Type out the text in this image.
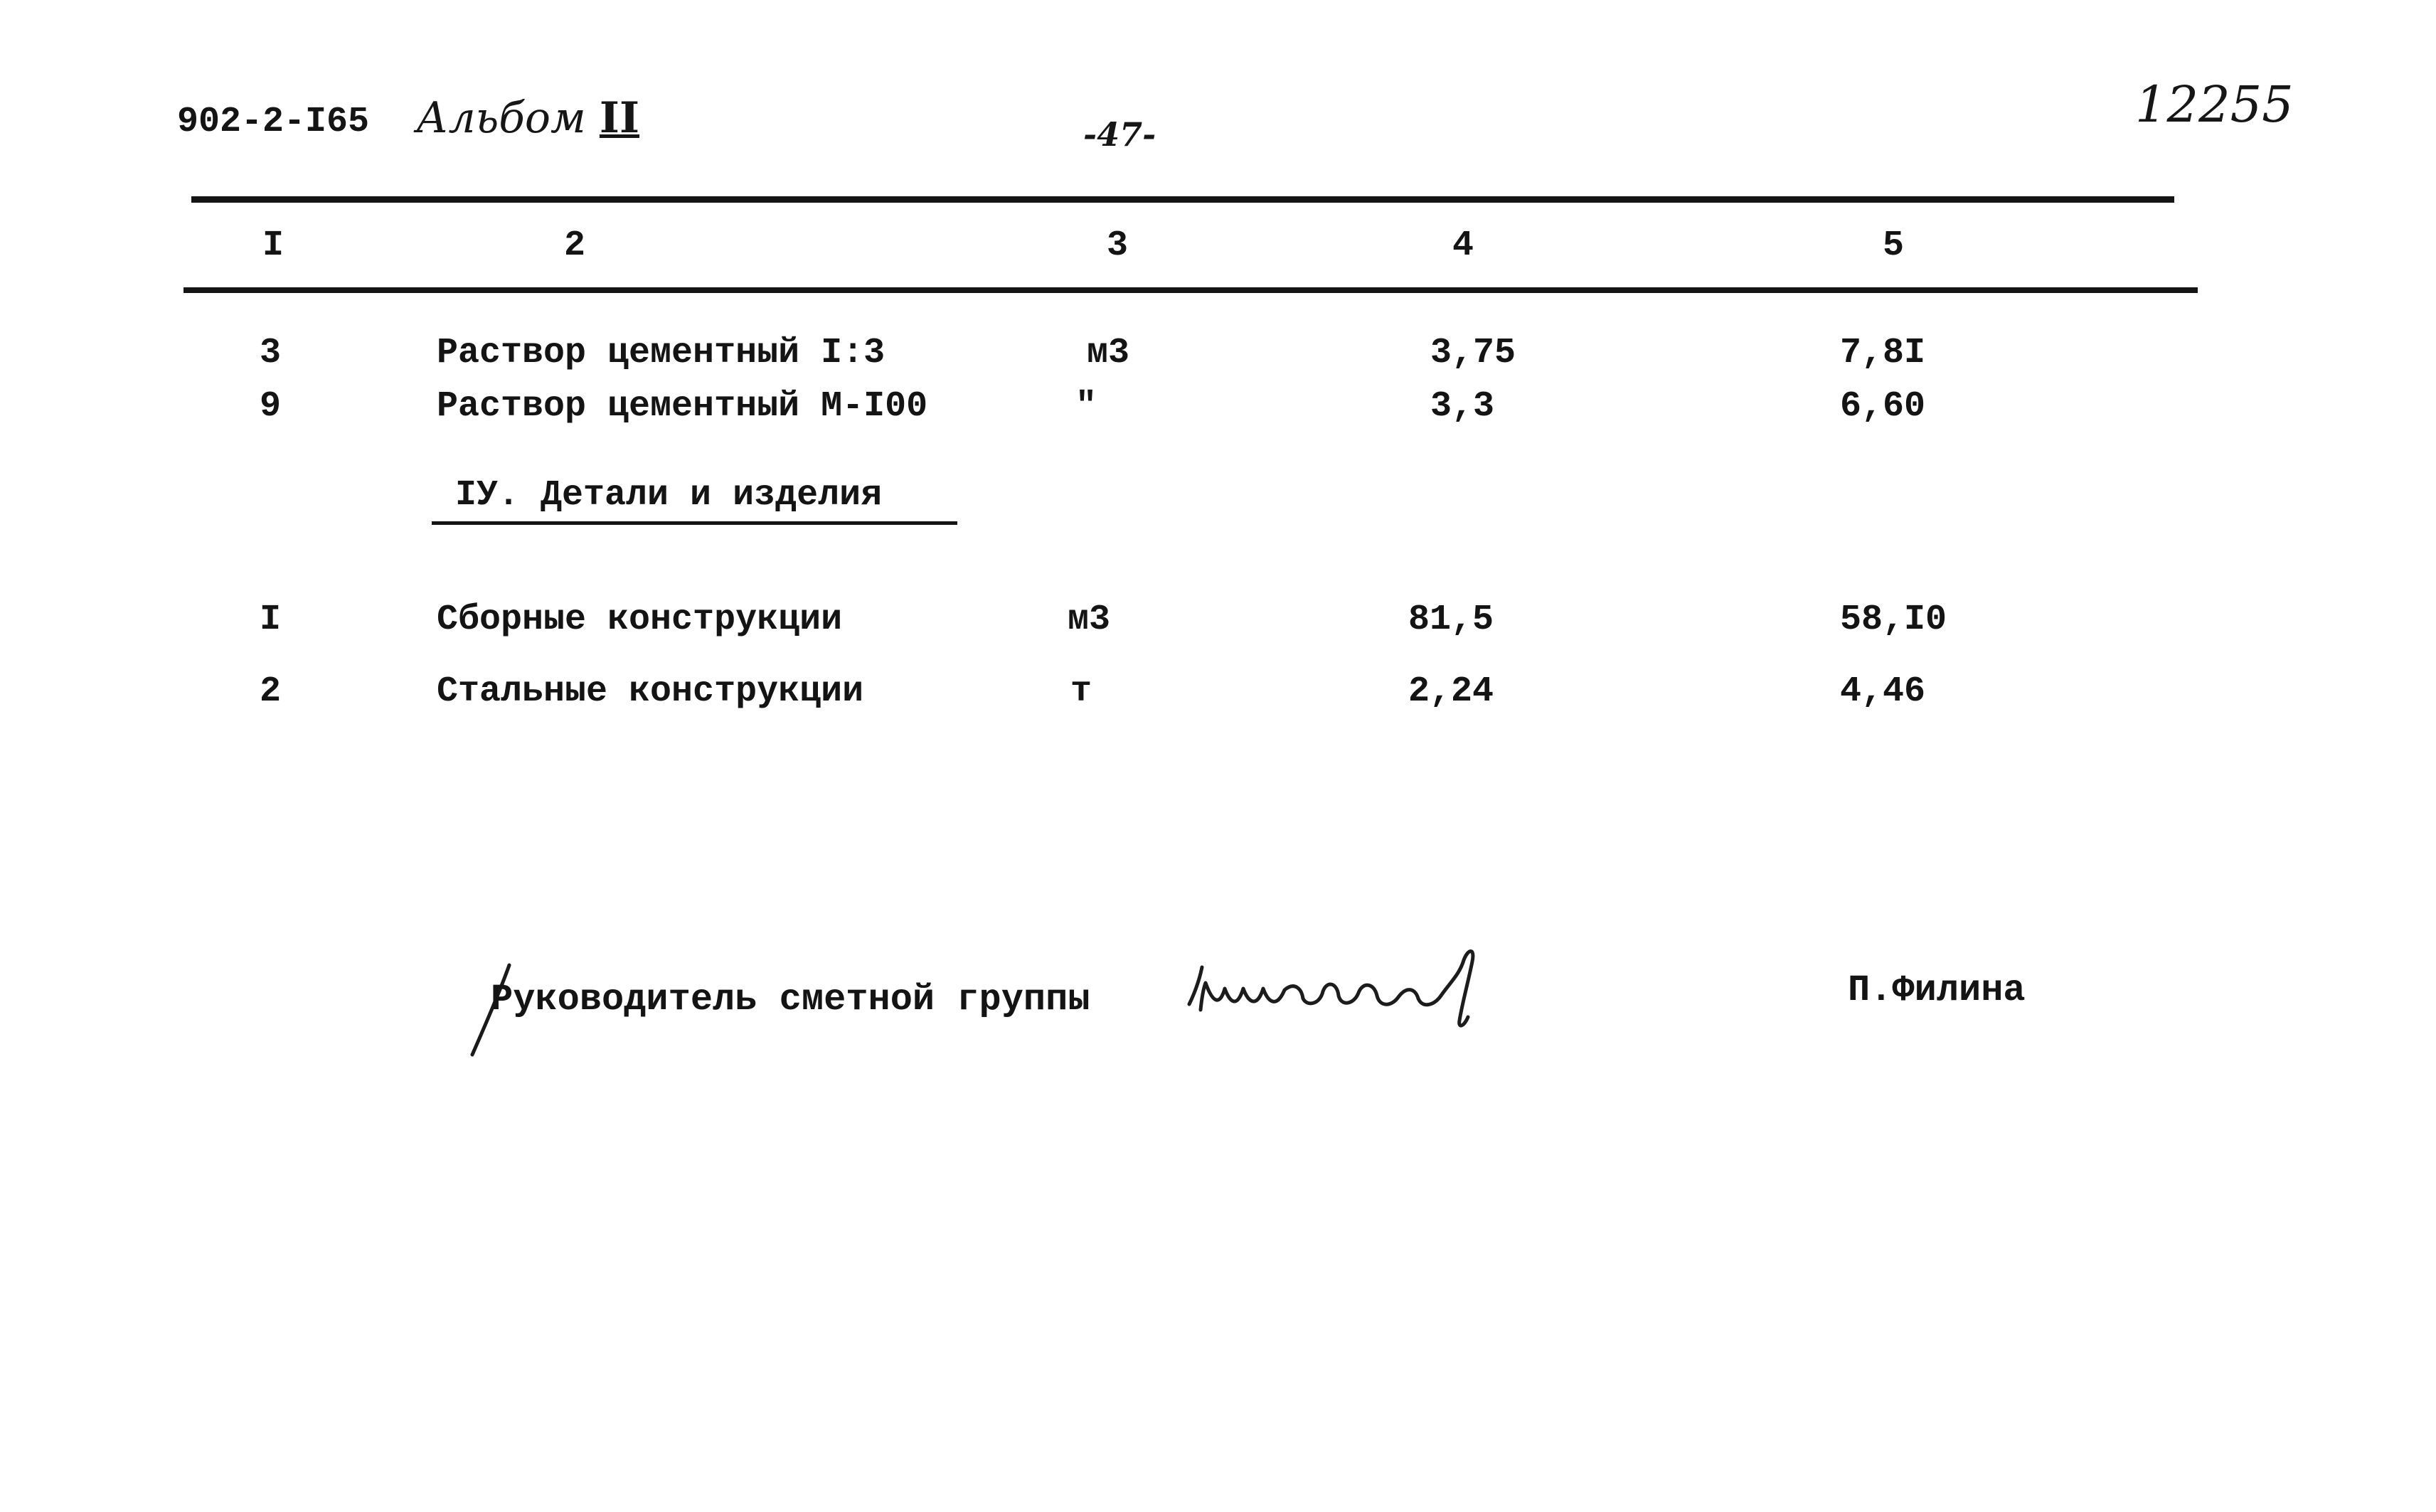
902-2-I65 Альбом II	-47-
12255
I	2	3	4	5
3	Раствор цементный I:3	м3	3,75	7,8I
9	Раствор цементный М-I00	"	3,3	6,60
IУ. Детали и изделия
I	Сборные конструкции	м3	81,5	58,I0
2	Стальные конструкции	т	2,24	4,46
Руководитель сметной группы	П.Филина
